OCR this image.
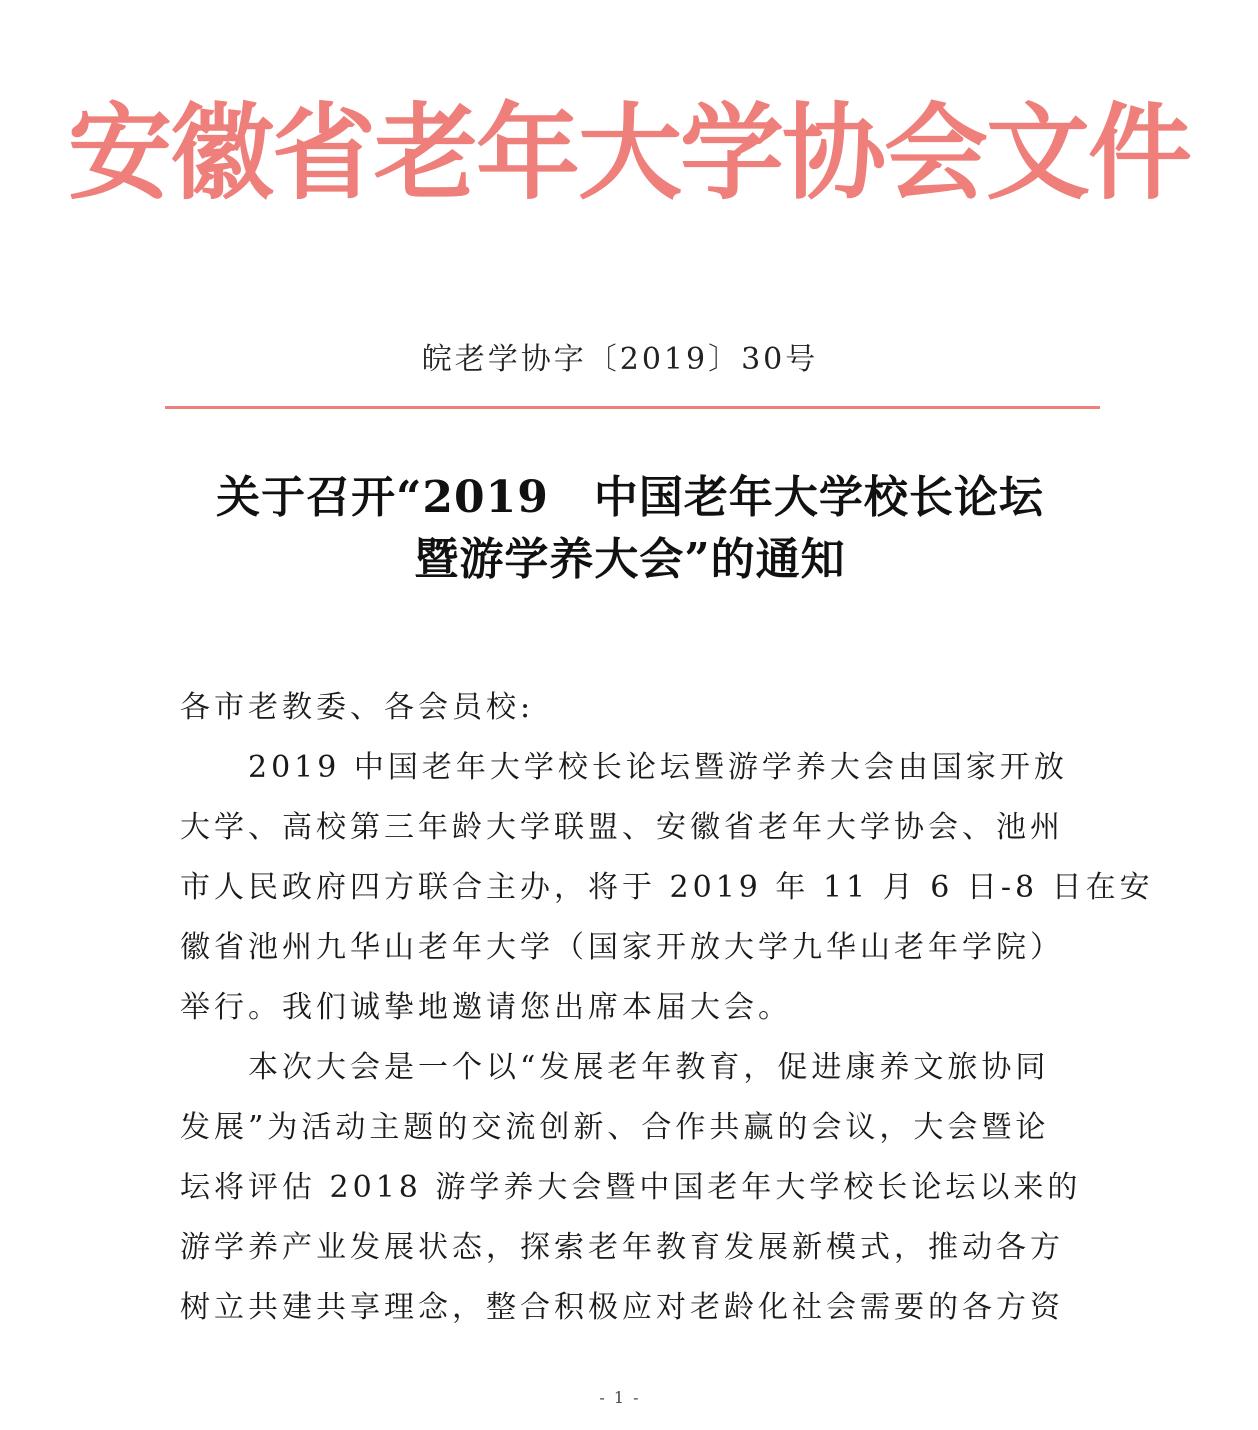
安徽省老年大学协会文件
皖老学协字〔2019〕30号
关于召开“2019　中国老年大学校长论坛
暨游学养大会”的通知
各市老教委、各会员校:
　　2019 中国老年大学校长论坛暨游学养大会由国家开放
大学、高校第三年龄大学联盟、安徽省老年大学协会、池州
市人民政府四方联合主办，将于 2019 年 11 月 6 日-8 日在安
徽省池州九华山老年大学（国家开放大学九华山老年学院）
举行。我们诚挚地邀请您出席本届大会。
　　本次大会是一个以“发展老年教育，促进康养文旅协同
发展”为活动主题的交流创新、合作共赢的会议，大会暨论
坛将评估 2018 游学养大会暨中国老年大学校长论坛以来的
游学养产业发展状态，探索老年教育发展新模式，推动各方
树立共建共享理念，整合积极应对老龄化社会需要的各方资
- 1 -
